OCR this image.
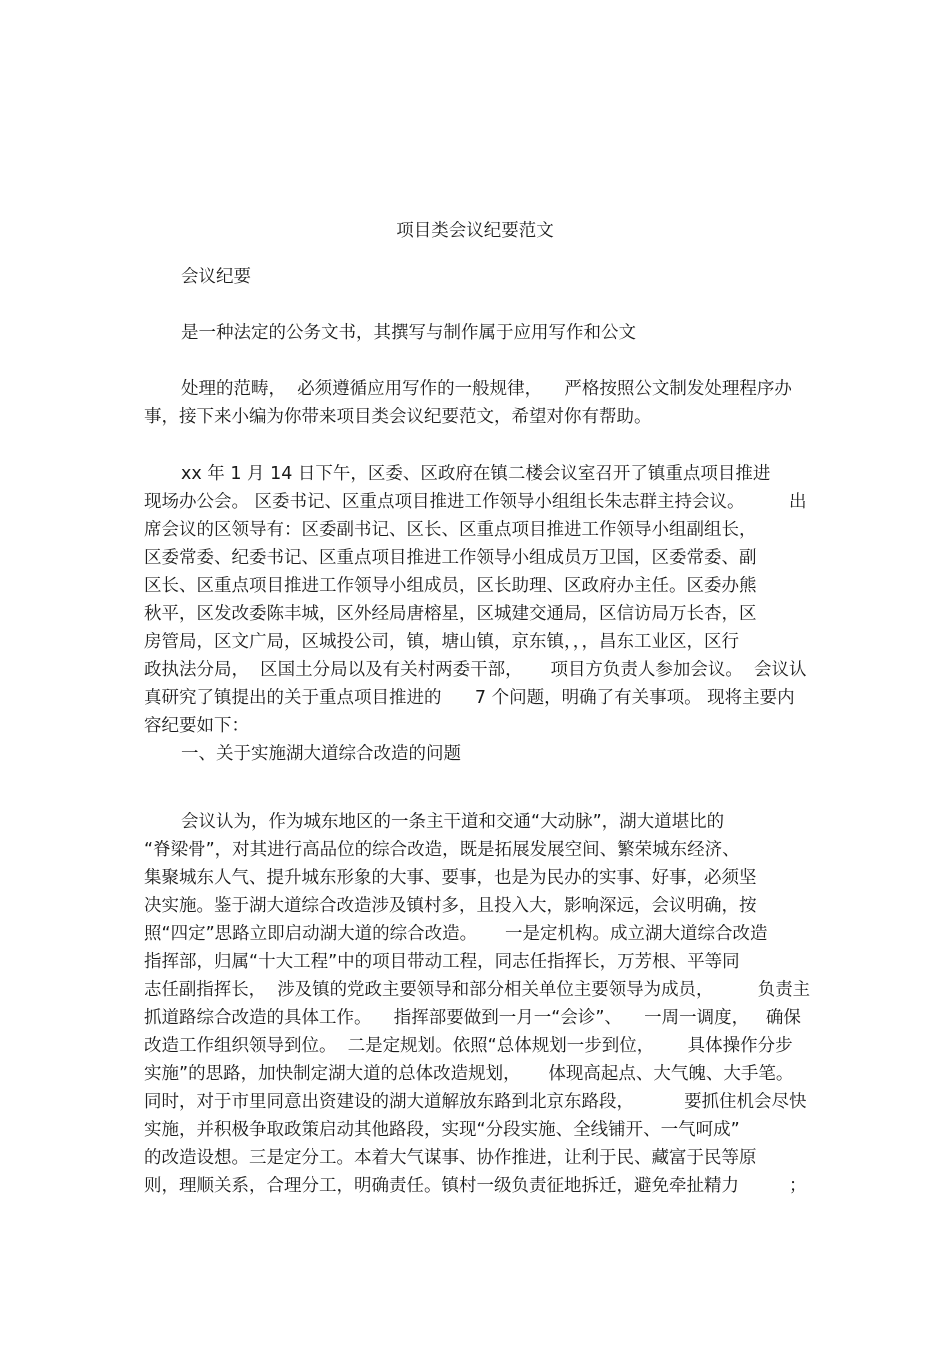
项目类会议纪要范文
会议纪要
是一种法定的公务文书，其撰写与制作属于应用写作和公文
处理的范畴，  必须遵循应用写作的一般规律，    严格按照公文制发处理程序办
事，接下来小编为你带来项目类会议纪要范文，希望对你有帮助。
xx 年 1 月 14 日下午，区委、区政府在镇二楼会议室召开了镇重点项目推进
现场办公会。 区委书记、区重点项目推进工作领导小组组长朱志群主持会议。        出
席会议的区领导有：区委副书记、区长、区重点项目推进工作领导小组副组长，
区委常委、纪委书记、区重点项目推进工作领导小组成员万卫国，区委常委、副
区长、区重点项目推进工作领导小组成员，区长助理、区政府办主任。区委办熊
秋平，区发改委陈丰城，区外经局唐榕星，区城建交通局，区信访局万长杏，区
房管局，区文广局，区城投公司，镇，塘山镇，京东镇，，，昌东工业区，区行
政执法分局，  区国土分局以及有关村两委干部，     项目方负责人参加会议。  会议认
真研究了镇提出的关于重点项目推进的      7 个问题，明确了有关事项。 现将主要内
容纪要如下：
一、关于实施湖大道综合改造的问题
会议认为，作为城东地区的一条主干道和交通“大动脉”，湖大道堪比的
“脊梁骨”，对其进行高品位的综合改造，既是拓展发展空间、繁荣城东经济、
集聚城东人气、提升城东形象的大事、要事，也是为民办的实事、好事，必须坚
决实施。鉴于湖大道综合改造涉及镇村多，且投入大，影响深远，会议明确，按
照“四定”思路立即启动湖大道的综合改造。     一是定机构。成立湖大道综合改造
指挥部，归属“十大工程”中的项目带动工程，同志任指挥长，万芳根、平等同
志任副指挥长，  涉及镇的党政主要领导和部分相关单位主要领导为成员，        负责主
抓道路综合改造的具体工作。    指挥部要做到一月一“会诊”、    一周一调度，   确保
改造工作组织领导到位。  二是定规划。依照“总体规划一步到位，      具体操作分步
实施”的思路，加快制定湖大道的总体改造规划，     体现高起点、大气魄、大手笔。
同时，对于市里同意出资建设的湖大道解放东路到北京东路段，         要抓住机会尽快
实施，并积极争取政策启动其他路段，实现“分段实施、全线铺开、一气呵成”
的改造设想。三是定分工。本着大气谋事、协作推进，让利于民、藏富于民等原
则，理顺关系，合理分工，明确责任。镇村一级负责征地拆迁，避免牵扯精力         ；
